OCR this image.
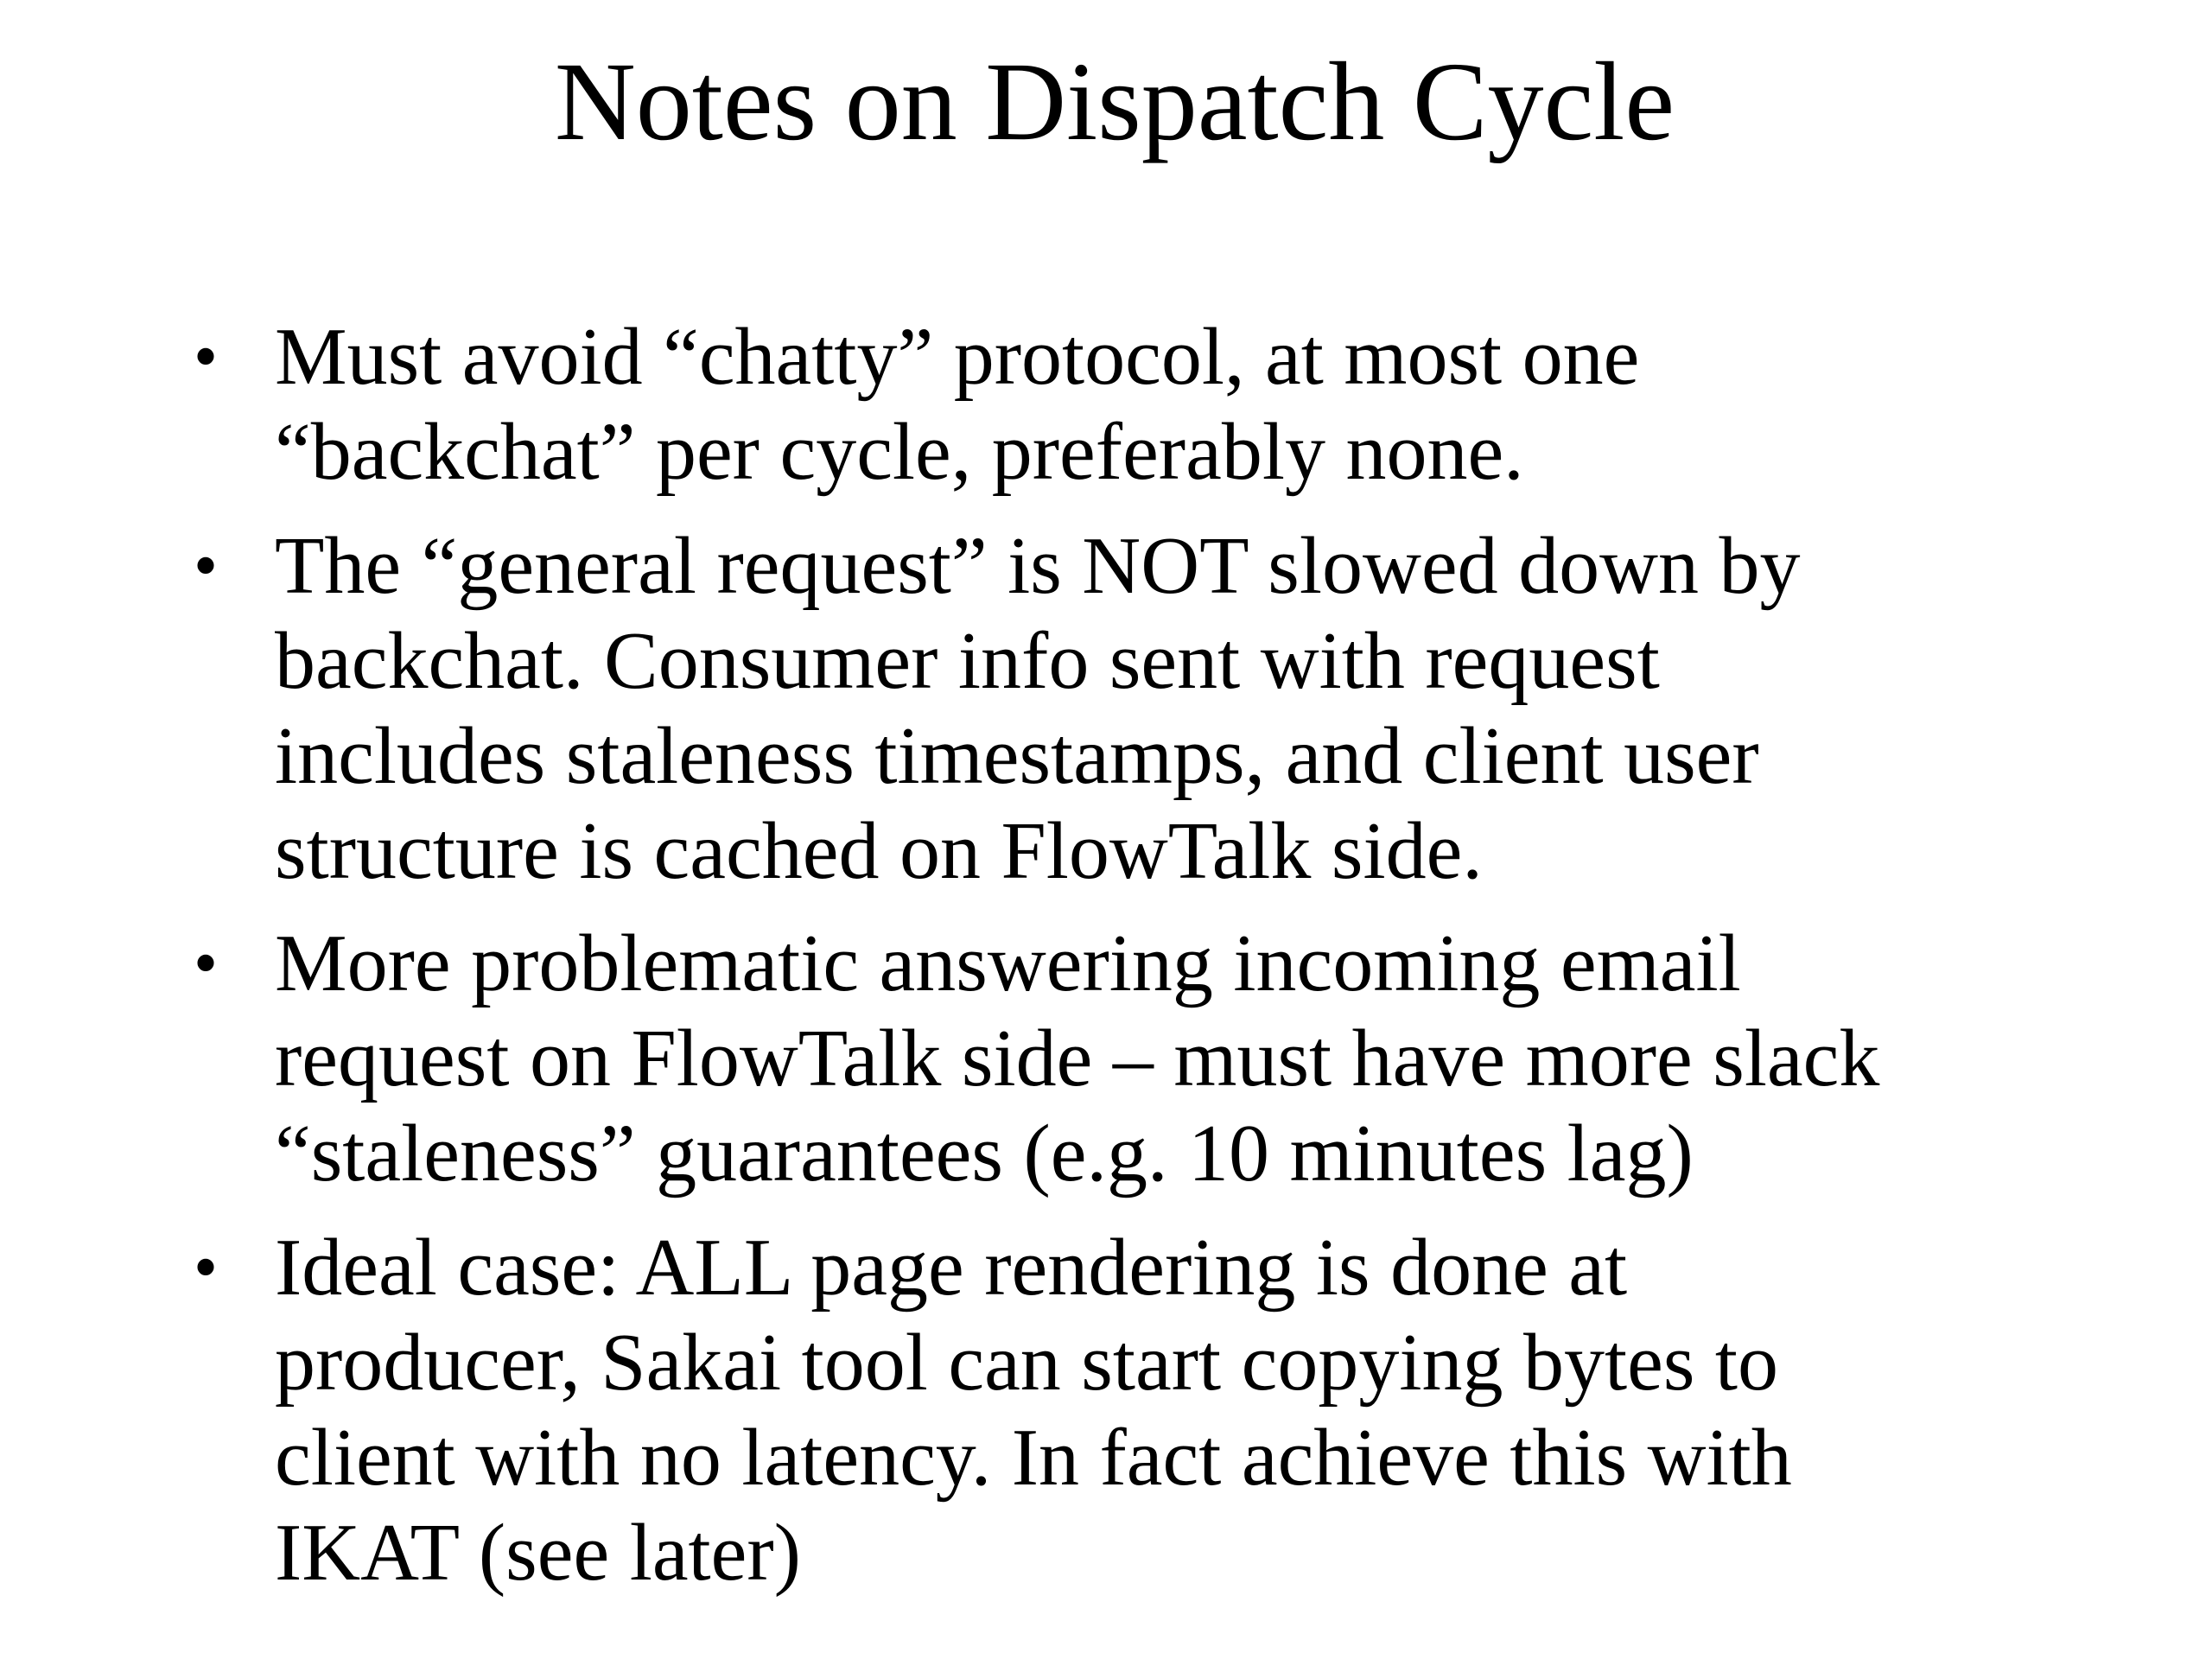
Notes on Dispatch Cycle
• Must avoid “chatty” protocol, at most one
“backchat” per cycle, preferably none.
• The “general request” is NOT slowed down by
backchat. Consumer info sent with request
includes staleness timestamps, and client user
structure is cached on FlowTalk side.
• More problematic answering incoming email
request on FlowTalk side – must have more slack
“staleness” guarantees (e.g. 10 minutes lag)
• Ideal case: ALL page rendering is done at
producer, Sakai tool can start copying bytes to
client with no latency. In fact achieve this with
IKAT (see later)
